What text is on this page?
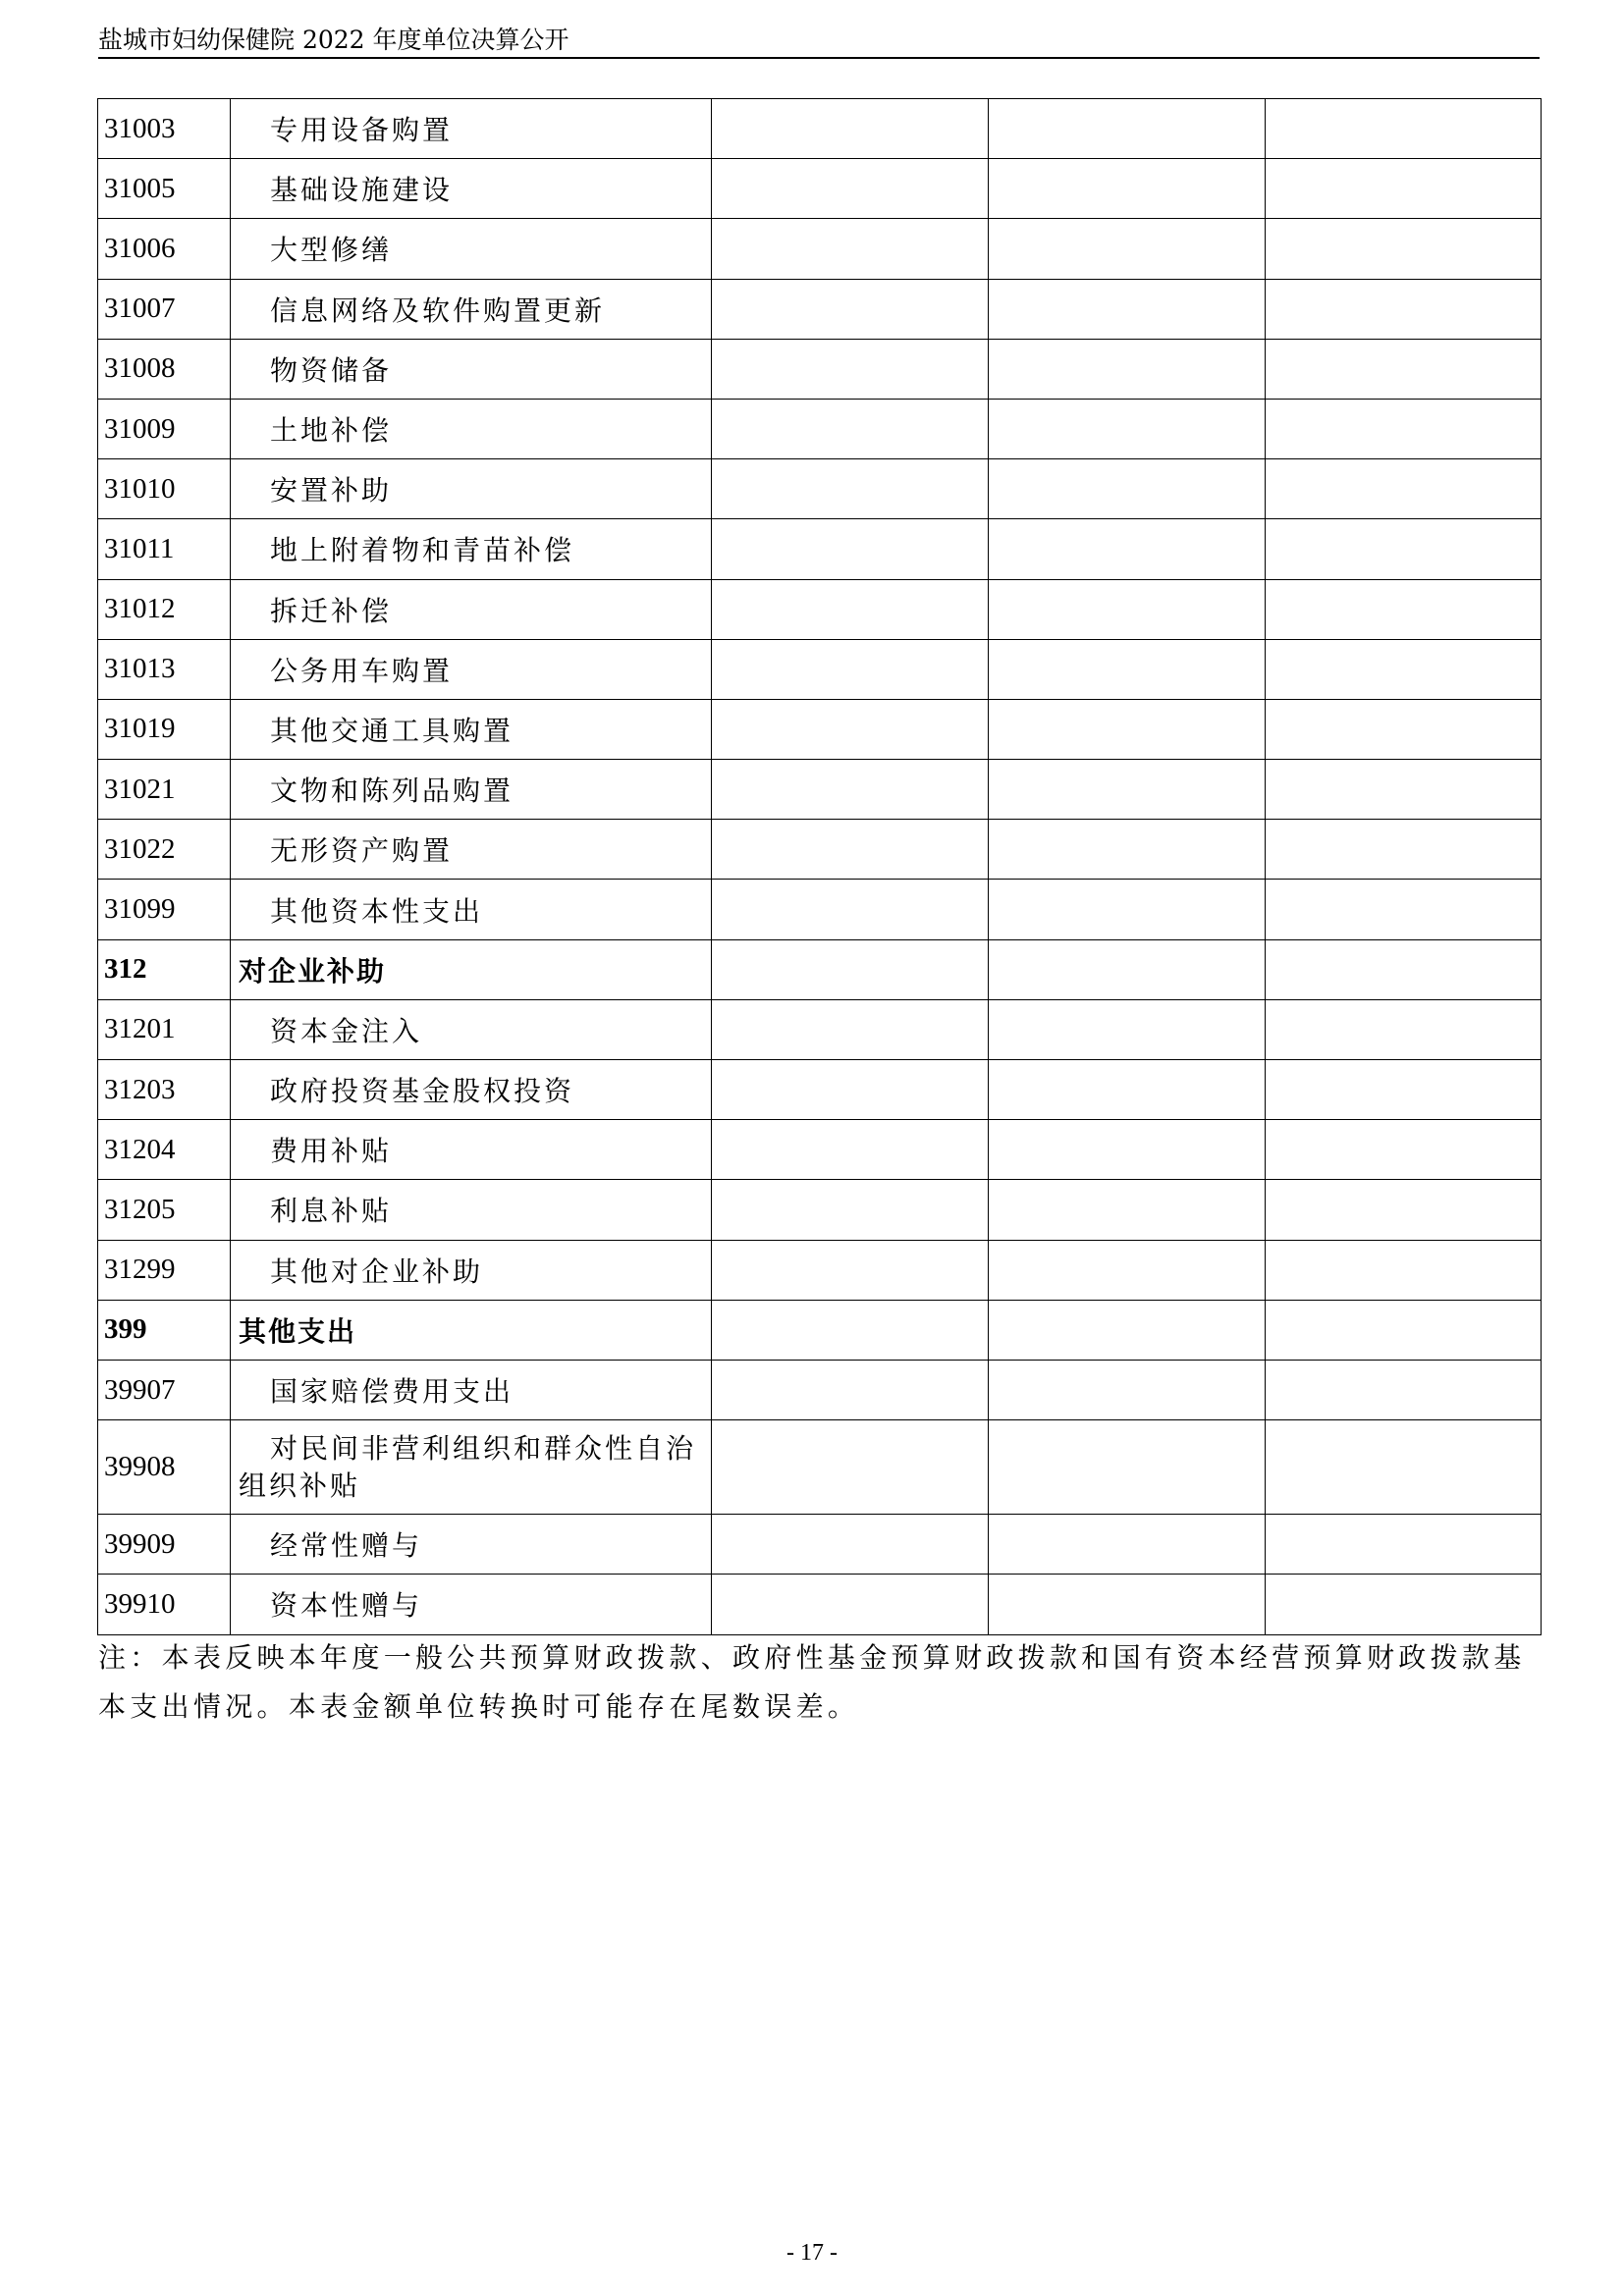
盐城市妇幼保健院 2022 年度单位决算公开
31003	专用设备购置			
31005	基础设施建设			
31006	大型修缮			
31007	信息网络及软件购置更新			
31008	物资储备			
31009	土地补偿			
31010	安置补助			
31011	地上附着物和青苗补偿			
31012	拆迁补偿			
31013	公务用车购置			
31019	其他交通工具购置			
31021	文物和陈列品购置			
31022	无形资产购置			
31099	其他资本性支出			
312	对企业补助			
31201	资本金注入			
31203	政府投资基金股权投资			
31204	费用补贴			
31205	利息补贴			
31299	其他对企业补助			
399	其他支出			
39907	国家赔偿费用支出			
39908	对民间非营利组织和群众性自治组织补贴			
39909	经常性赠与			
39910	资本性赠与			
注：本表反映本年度一般公共预算财政拨款、政府性基金预算财政拨款和国有资本经营预算财政拨款基本支出情况。本表金额单位转换时可能存在尾数误差。
- 17 -
